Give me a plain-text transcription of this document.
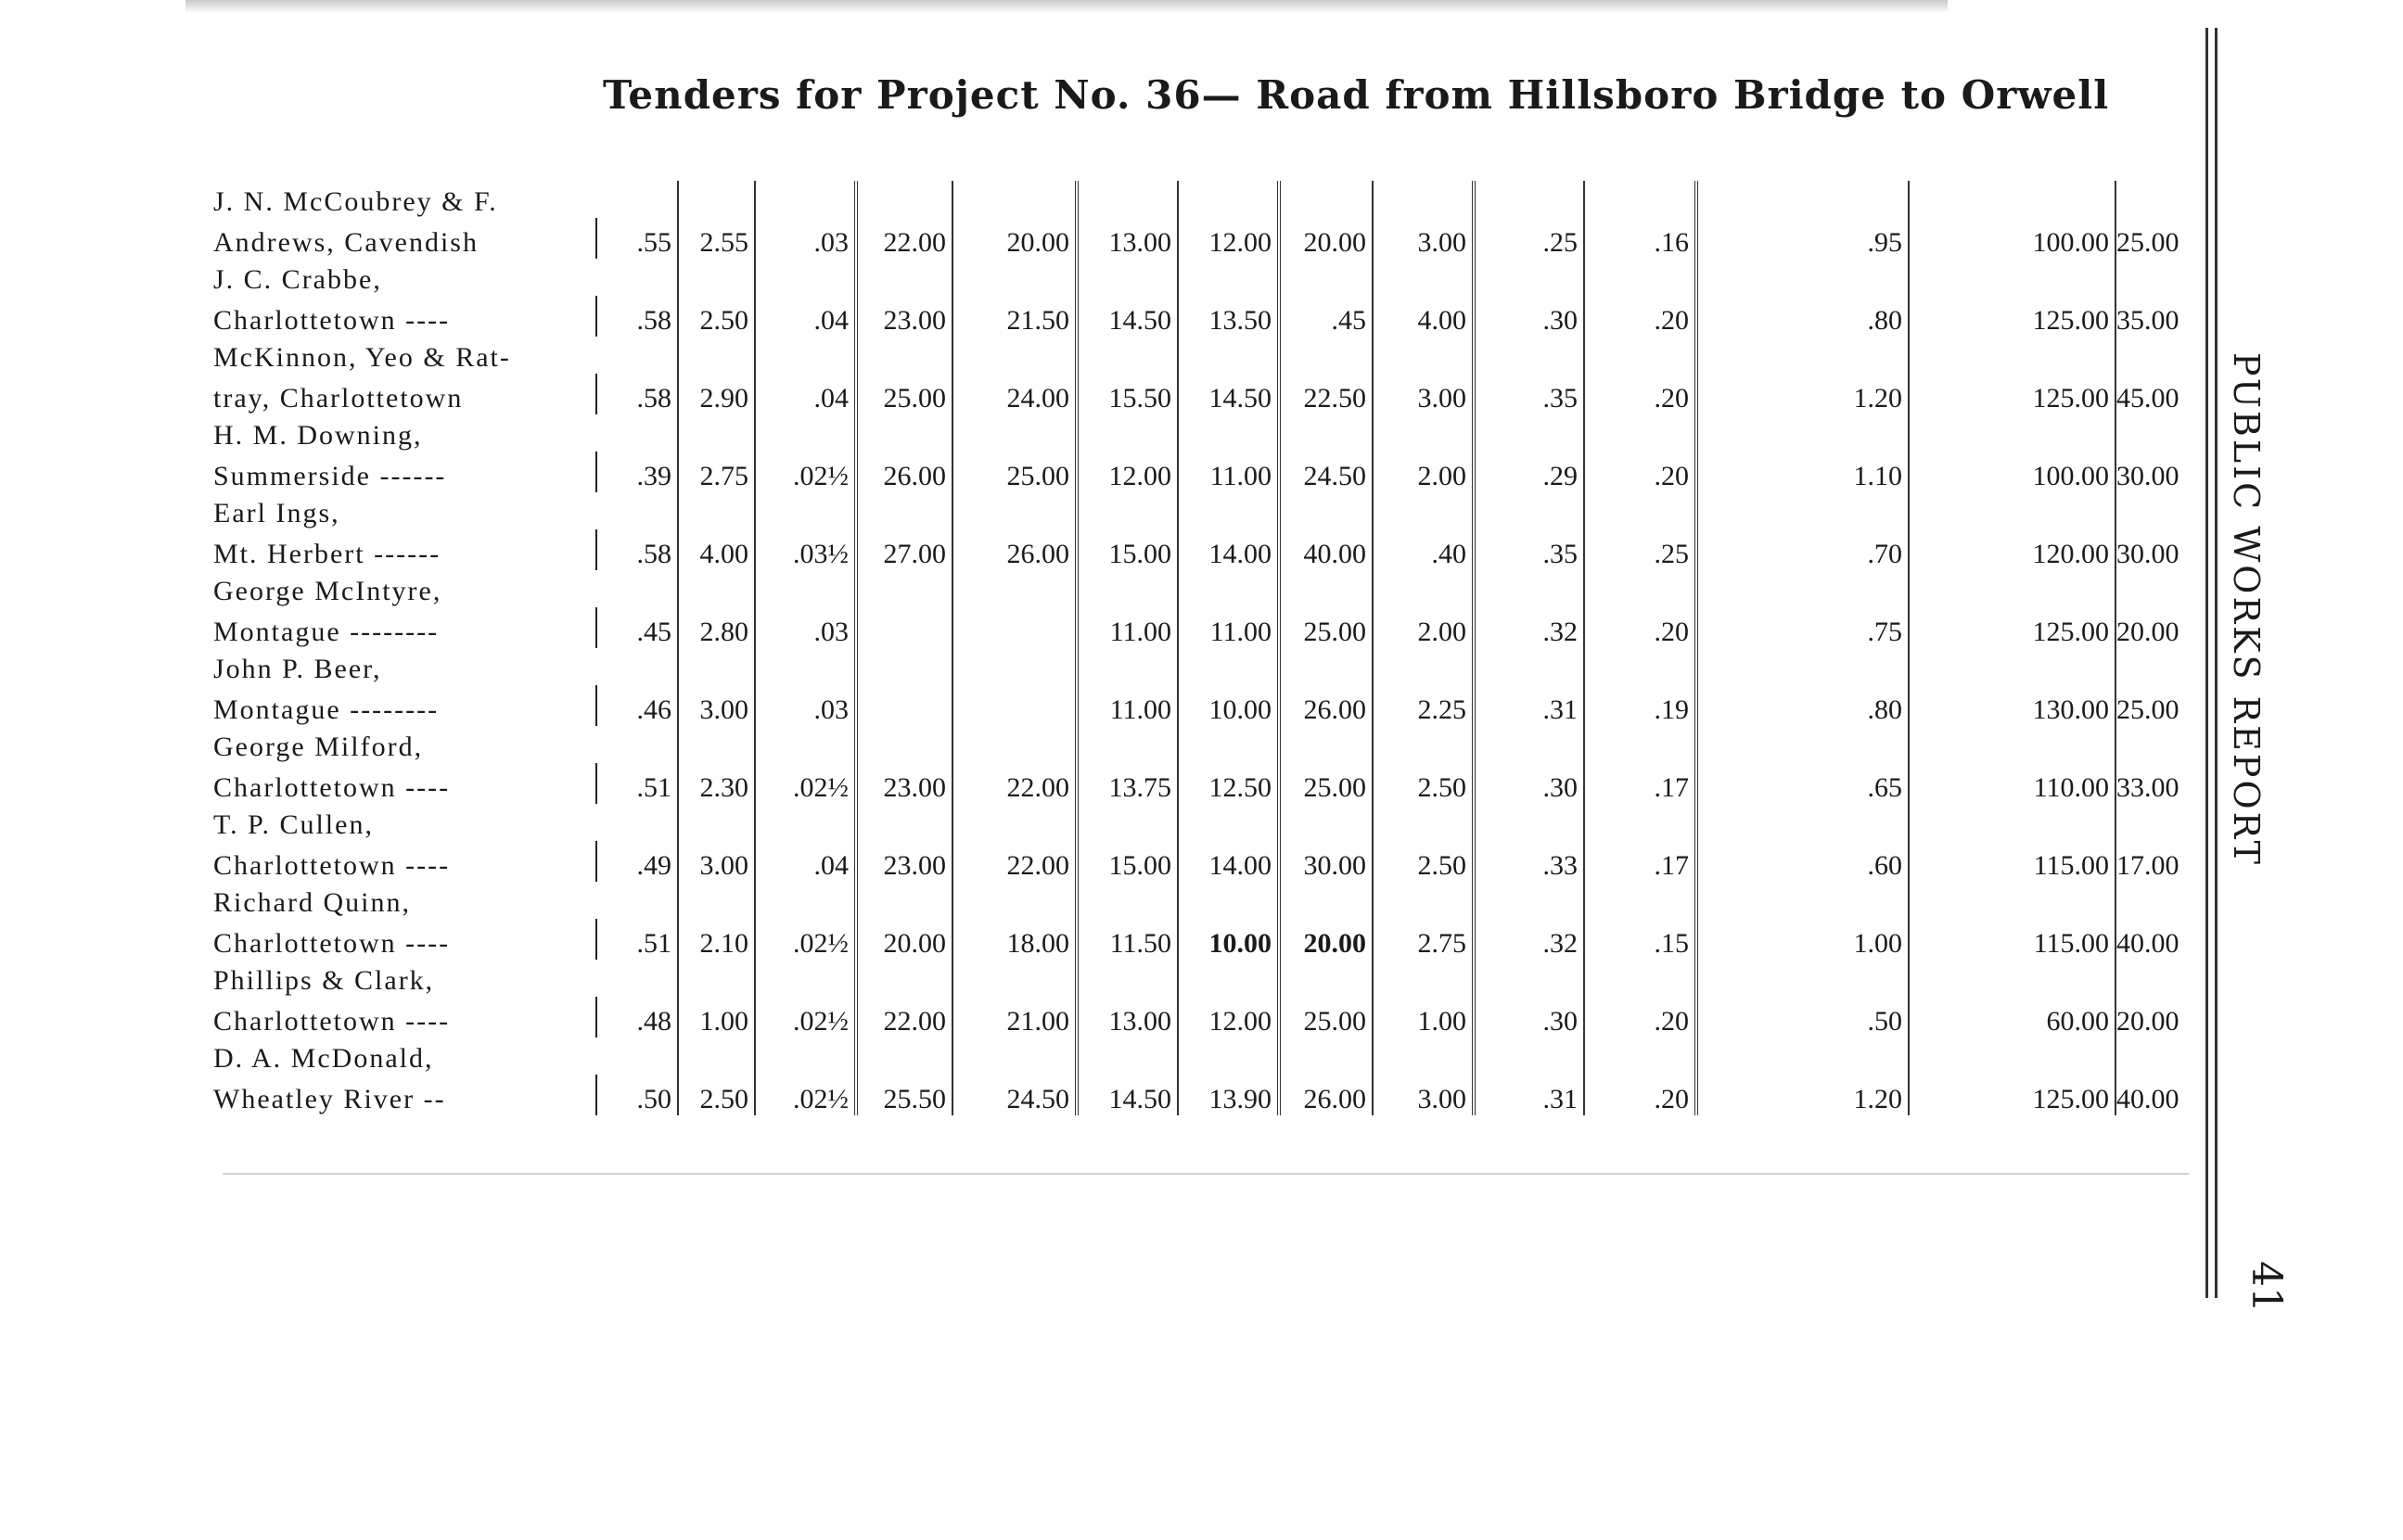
Tenders for Project No. 36— Road from Hillsboro Bridge to Orwell
J. N. McCoubrey & F.														
Andrews, Cavendish	.55	2.55	.03	22.00	20.00	13.00	12.00	20.00	3.00	.25	.16	.95	100.00	25.00
J. C. Crabbe,														
Charlottetown ----	.58	2.50	.04	23.00	21.50	14.50	13.50	.45	4.00	.30	.20	.80	125.00	35.00
McKinnon, Yeo & Rat-														
tray, Charlottetown	.58	2.90	.04	25.00	24.00	15.50	14.50	22.50	3.00	.35	.20	1.20	125.00	45.00
H. M. Downing,														
Summerside ------	.39	2.75	.02½	26.00	25.00	12.00	11.00	24.50	2.00	.29	.20	1.10	100.00	30.00
Earl Ings,														
Mt. Herbert ------	.58	4.00	.03½	27.00	26.00	15.00	14.00	40.00	.40	.35	.25	.70	120.00	30.00
George McIntyre,														
Montague --------	.45	2.80	.03			11.00	11.00	25.00	2.00	.32	.20	.75	125.00	20.00
John P. Beer,														
Montague --------	.46	3.00	.03			11.00	10.00	26.00	2.25	.31	.19	.80	130.00	25.00
George Milford,														
Charlottetown ----	.51	2.30	.02½	23.00	22.00	13.75	12.50	25.00	2.50	.30	.17	.65	110.00	33.00
T. P. Cullen,														
Charlottetown ----	.49	3.00	.04	23.00	22.00	15.00	14.00	30.00	2.50	.33	.17	.60	115.00	17.00
Richard Quinn,														
Charlottetown ----	.51	2.10	.02½	20.00	18.00	11.50	10.00	20.00	2.75	.32	.15	1.00	115.00	40.00
Phillips & Clark,														
Charlottetown ----	.48	1.00	.02½	22.00	21.00	13.00	12.00	25.00	1.00	.30	.20	.50	60.00	20.00
D. A. McDonald,														
Wheatley River --	.50	2.50	.02½	25.50	24.50	14.50	13.90	26.00	3.00	.31	.20	1.20	125.00	40.00
PUBLIC WORKS REPORT
41
